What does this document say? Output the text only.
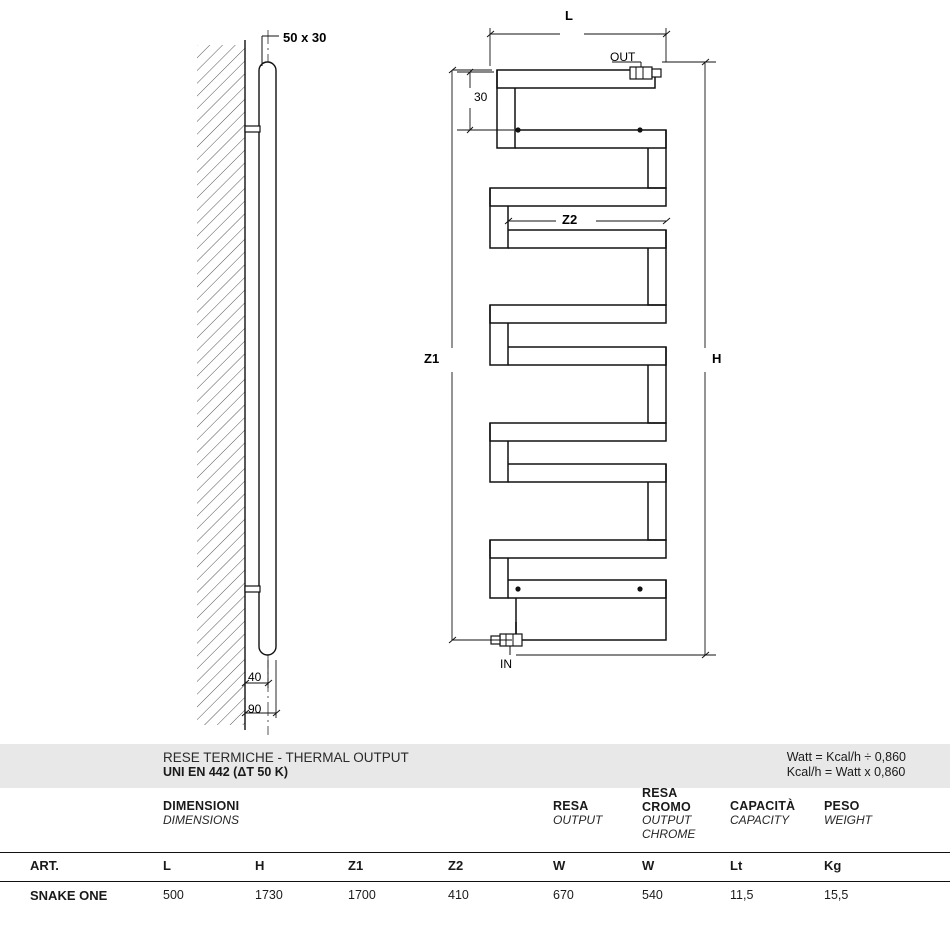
50 x 30
40
90
L
OUT
30
Z2
Z1	H
IN
RESE TERMICHE - THERMAL OUTPUT
UNI EN 442 (ΔT 50 K)
Watt = Kcal/h ÷ 0,860
Kcal/h = Watt x 0,860
DIMENSIONI
DIMENSIONS
RESA
OUTPUT
RESA
CROMO
OUTPUT
CHROME
CAPACITÀ
CAPACITY
PESO
WEIGHT
ART.	L	H	Z1	Z2	W	W	Lt	Kg
SNAKE ONE	500	1730	1700	410	670	540	11,5	15,5
